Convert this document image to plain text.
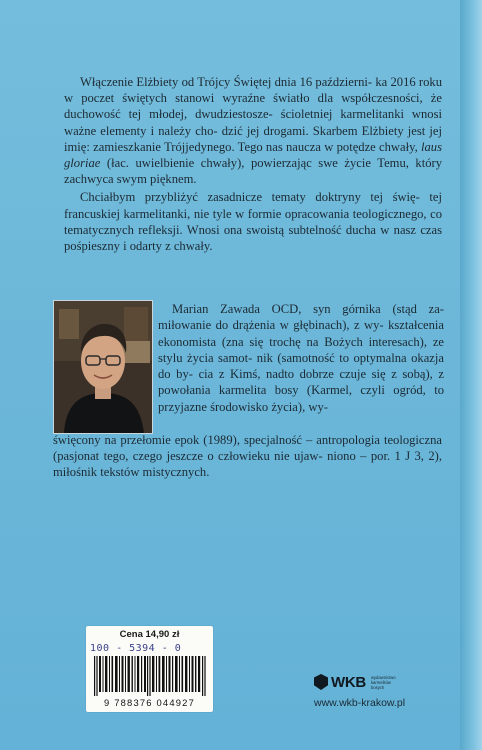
Włączenie Elżbiety od Trójcy Świętej dnia 16 październi- ka 2016 roku w poczet świętych stanowi wyraźne światło dla współczesności, że duchowość tej młodej, dwudziestosze- ścioletniej karmelitanki wnosi ważne elementy i należy cho- dzić jej drogami. Skarbem Elżbiety jest jej imię: zamieszkanie Trójjedynego. Tego nas naucza w potędze chwały, laus gloriae (łac. uwielbienie chwały), powierzając swe życie Temu, który zachwyca swym pięknem.

Chciałbym przybliżyć zasadnicze tematy doktryny tej świę- tej francuskiej karmelitanki, nie tyle w formie opracowania teologicznego, co tematycznych refleksji. Wnosi ona swoistą subtelność ducha w nasz czas pośpieszny i odarty z chwały.

Marian Zawada OCD, syn górnika (stąd za- miłowanie do drążenia w głębinach), z wy- kształcenia ekonomista (zna się trochę na Bożych interesach), ze stylu życia samot- nik (samotność to optymalna okazja do by- cia z Kimś, nadto dobrze czuje się z sobą), z powołania karmelita bosy (Karmel, czyli ogród, to przyjazne środowisko życia), wy-

święcony na przełomie epok (1989), specjalność – antropologia teologiczna (pasjonat tego, czego jeszcze o człowieku nie ujaw- niono – por. 1 J 3, 2), miłośnik tekstów mistycznych.

Cena 14,90 zł
100 - 5394 - 0
9 788376 044927
WKB wydawnictwo karmelitów bosych
www.wkb-krakow.pl
